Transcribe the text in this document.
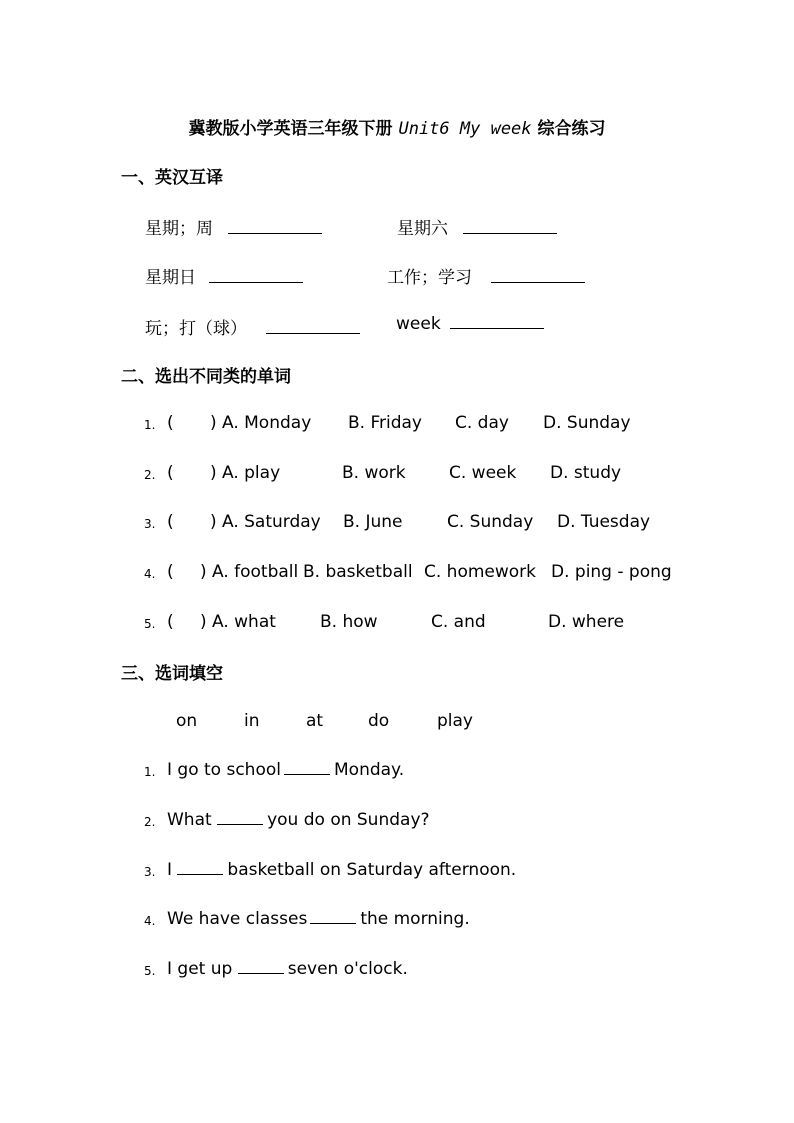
冀教版小学英语三年级下册 Unit6 My week 综合练习
一、英汉互译
星期；周	星期六
星期日	工作；学习
玩；打（球）	week
二、选出不同类的单词
1. ( ) A. Monday B. Friday C. day D. Sunday
2. ( ) A. play	B. work	C. week D. study
3. ( ) A. Saturday B. June	C. Sunday D. Tuesday
4. ( ) A. football B. basketball C. homework D. ping - pong
5. ( ) A. what	B. how	C. and	D. where
三、选词填空
on	in	at	do	play
1. I go to school	Monday.
2. What	you do on Sunday?
3. I	basketball on Saturday afternoon.
4. We have classes	the morning.
5. I get up	seven o'clock.
